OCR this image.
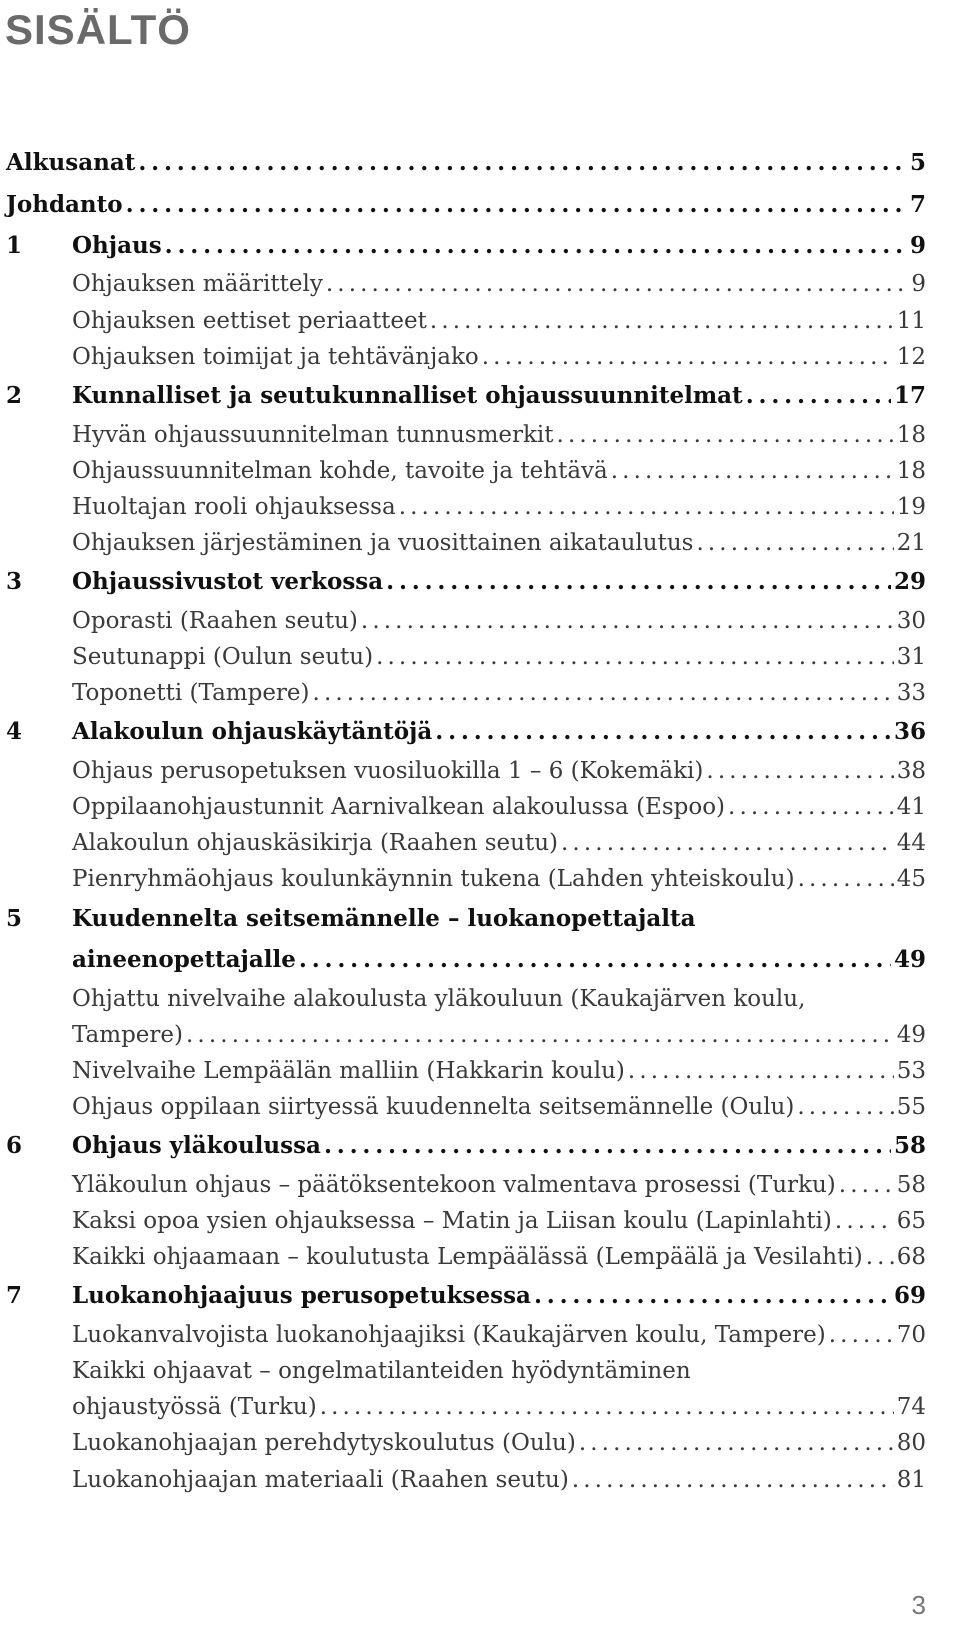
SISÄLTÖ
Alkusanat . . .	5
Johdanto . . .	7
1	Ohjaus . . .	9
Ohjauksen määrittely . . .	9
Ohjauksen eettiset periaatteet . . .	11
Ohjauksen toimijat ja tehtävänjako . . .	12
2	Kunnalliset ja seutukunnalliset ohjaussuunnitelmat . . .	17
Hyvän ohjaussuunnitelman tunnusmerkit . . .	18
Ohjaussuunnitelman kohde, tavoite ja tehtävä . . .	18
Huoltajan rooli ohjauksessa . . .	19
Ohjauksen järjestäminen ja vuosittainen aikataulutus . . .	21
3	Ohjaussivustot verkossa . . .	29
Oporasti (Raahen seutu) . . .	30
Seutunappi (Oulun seutu) . . .	31
Toponetti (Tampere) . . .	33
4	Alakoulun ohjauskäytäntöjä . . .	36
Ohjaus perusopetuksen vuosiluokilla 1 – 6 (Kokemäki) . . .	38
Oppilaanohjaustunnit Aarnivalkean alakoulussa (Espoo) . . .	41
Alakoulun ohjauskäsikirja (Raahen seutu) . . .	44
Pienryhmäohjaus koulunkäynnin tukena (Lahden yhteiskoulu) . . .	45
5	Kuudennelta seitsemännelle – luokanopettajalta
aineenopettajalle . . .	49
Ohjattu nivelvaihe alakoulusta yläkouluun (Kaukajärven koulu,
Tampere) . . .	49
Nivelvaihe Lempäälän malliin (Hakkarin koulu) . . .	53
Ohjaus oppilaan siirtyessä kuudennelta seitsemännelle (Oulu) . . .	55
6	Ohjaus yläkoulussa . . .	58
Yläkoulun ohjaus – päätöksentekoon valmentava prosessi (Turku) . . .	58
Kaksi opoa ysien ohjauksessa – Matin ja Liisan koulu (Lapinlahti) . . .	65
Kaikki ohjaamaan – koulutusta Lempäälässä (Lempäälä ja Vesilahti) . . . 68
7	Luokanohjaajuus perusopetuksessa . . .	69
Luokanvalvojista luokanohjaajiksi (Kaukajärven koulu, Tampere) . . .	70
Kaikki ohjaavat – ongelmatilanteiden hyödyntäminen
ohjaustyössä (Turku) . . .	74
Luokanohjaajan perehdytyskoulutus (Oulu) . . .	80
Luokanohjaajan materiaali (Raahen seutu) . . .	81
3
